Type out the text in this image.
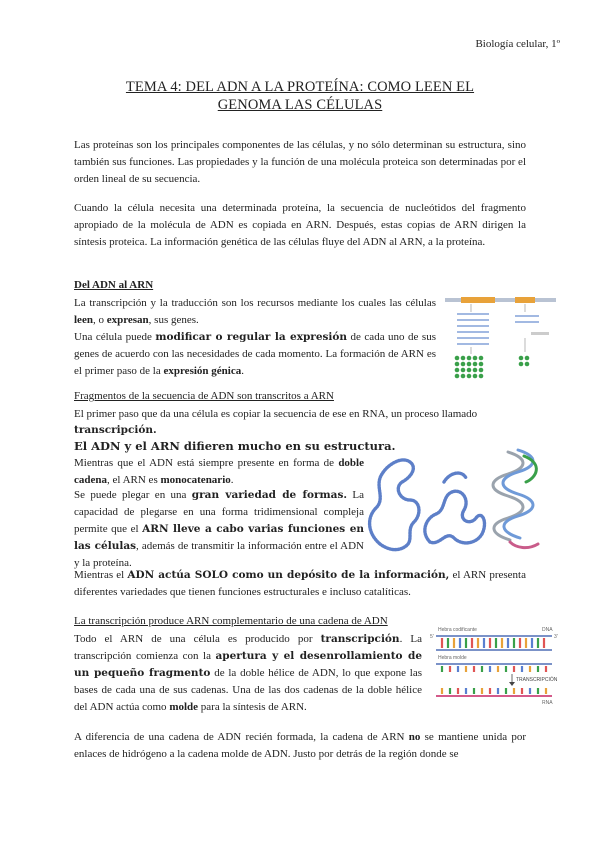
Biología celular, 1º
TEMA 4: DEL ADN A LA PROTEÍNA: COMO LEEN EL
GENOMA LAS CÉLULAS
Las proteínas son los principales componentes de las células, y no sólo determinan su estructura, sino también sus funciones. Las propiedades y la función de una molécula proteica son determinadas por el orden lineal de su secuencia.
Cuando la célula necesita una determinada proteína, la secuencia de nucleótidos del fragmento apropiado de la molécula de ADN es copiada en ARN. Después, estas copias de ARN dirigen la síntesis proteica. La información genética de las células fluye del ADN al ARN, a la proteína.
Del ADN al ARN
La transcripción y la traducción son los recursos mediante los cuales las células leen, o expresan, sus genes.
Una célula puede modificar o regular la expresión de cada uno de sus genes de acuerdo con las necesidades de cada momento. La formación de ARN es el primer paso de la expresión génica.
Fragmentos de la secuencia de ADN son transcritos a ARN
El primer paso que da una célula es copiar la secuencia de ese en RNA, un proceso llamado
transcripción.
El ADN y el ARN difieren mucho en su estructura.
Mientras que el ADN está siempre presente en forma de doble cadena, el ARN es monocatenario.
Se puede plegar en una gran variedad de formas. La capacidad de plegarse en una forma tridimensional compleja permite que el ARN lleve a cabo varias funciones en las células, además de transmitir la información entre el ADN y la proteína.
Mientras el ADN actúa SOLO como un depósito de la información, el ARN presenta diferentes variedades que tienen funciones estructurales e incluso catalíticas.
La transcripción produce ARN complementario de una cadena de ADN
Todo el ARN de una célula es producido por transcripción. La transcripción comienza con la apertura y el desenrollamiento de un pequeño fragmento de la doble hélice de ADN, lo que expone las bases de cada una de sus cadenas. Una de las dos cadenas de la doble hélice del ADN actúa como molde para la síntesis de ARN.
Hebra codificante	DNA
5'	3'
Hebra molde
TRANSCRIPCIÓN
RNA
A diferencia de una cadena de ADN recién formada, la cadena de ARN no se mantiene unida por enlaces de hidrógeno a la cadena molde de ADN. Justo por detrás de la región donde se
